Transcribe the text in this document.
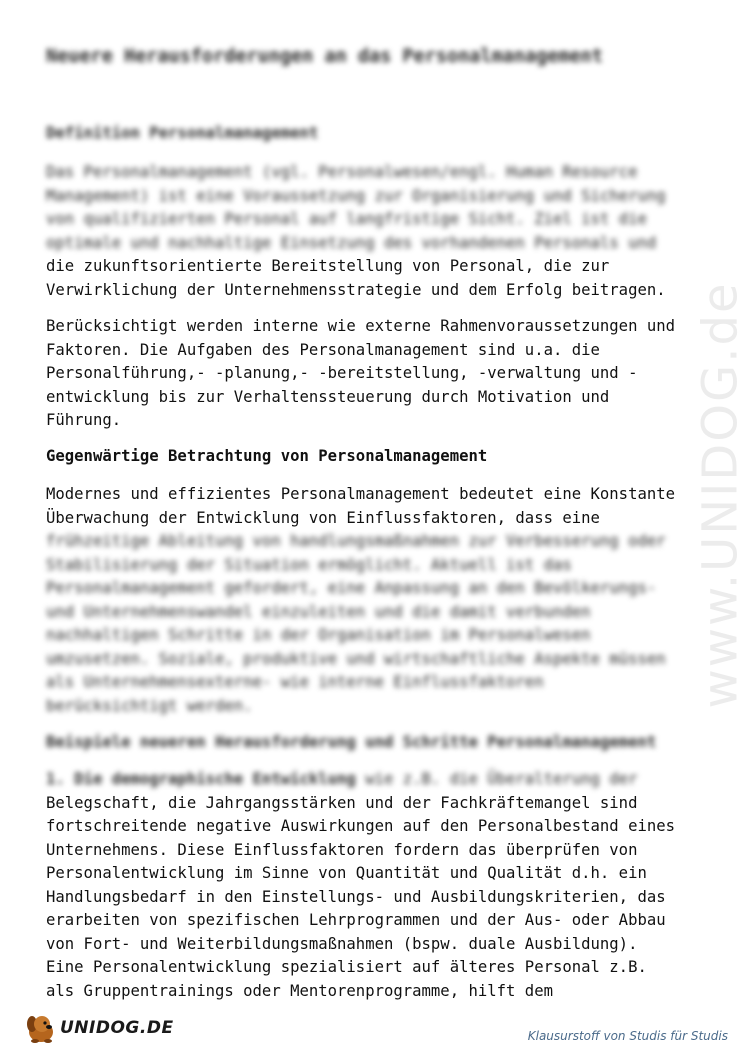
www.UNIDOG.de
Neuere Herausforderungen an das Personalmanagement
Definition Personalmanagement
Das Personalmanagement (vgl. Personalwesen/engl. Human Resource
Management) ist eine Voraussetzung zur Organisierung und Sicherung
von qualifizierten Personal auf langfristige Sicht. Ziel ist die
optimale und nachhaltige Einsetzung des vorhandenen Personals und
die zukunftsorientierte Bereitstellung von Personal, die zur
Verwirklichung der Unternehmensstrategie und dem Erfolg beitragen.
Berücksichtigt werden interne wie externe Rahmenvoraussetzungen und
Faktoren. Die Aufgaben des Personalmanagement sind u.a. die
Personalführung,- -planung,- -bereitstellung, -verwaltung und -
entwicklung bis zur Verhaltenssteuerung durch Motivation und
Führung.
Gegenwärtige Betrachtung von Personalmanagement
Modernes und effizientes Personalmanagement bedeutet eine Konstante
Überwachung der Entwicklung von Einflussfaktoren, dass eine
frühzeitige Ableitung von handlungsmaßnahmen zur Verbesserung oder
Stabilisierung der Situation ermöglicht. Aktuell ist das
Personalmanagement gefordert, eine Anpassung an den Bevölkerungs-
und Unternehmenswandel einzuleiten und die damit verbunden
nachhaltigen Schritte in der Organisation im Personalwesen
umzusetzen. Soziale, produktive und wirtschaftliche Aspekte müssen
als Unternehmensexterne- wie interne Einflussfaktoren
berücksichtigt werden.
Beispiele neueren Herausforderung und Schritte Personalmanagement
1. Die demographische Entwicklung wie z.B. die Überalterung der
Belegschaft, die Jahrgangsstärken und der Fachkräftemangel sind
fortschreitende negative Auswirkungen auf den Personalbestand eines
Unternehmens. Diese Einflussfaktoren fordern das überprüfen von
Personalentwicklung im Sinne von Quantität und Qualität d.h. ein
Handlungsbedarf in den Einstellungs- und Ausbildungskriterien, das
erarbeiten von spezifischen Lehrprogrammen und der Aus- oder Abbau
von Fort- und Weiterbildungsmaßnahmen (bspw. duale Ausbildung).
Eine Personalentwicklung spezialisiert auf älteres Personal z.B.
als Gruppentrainings oder Mentorenprogramme, hilft dem
UNIDOG.DE	Klausurstoff von Studis für Studis
